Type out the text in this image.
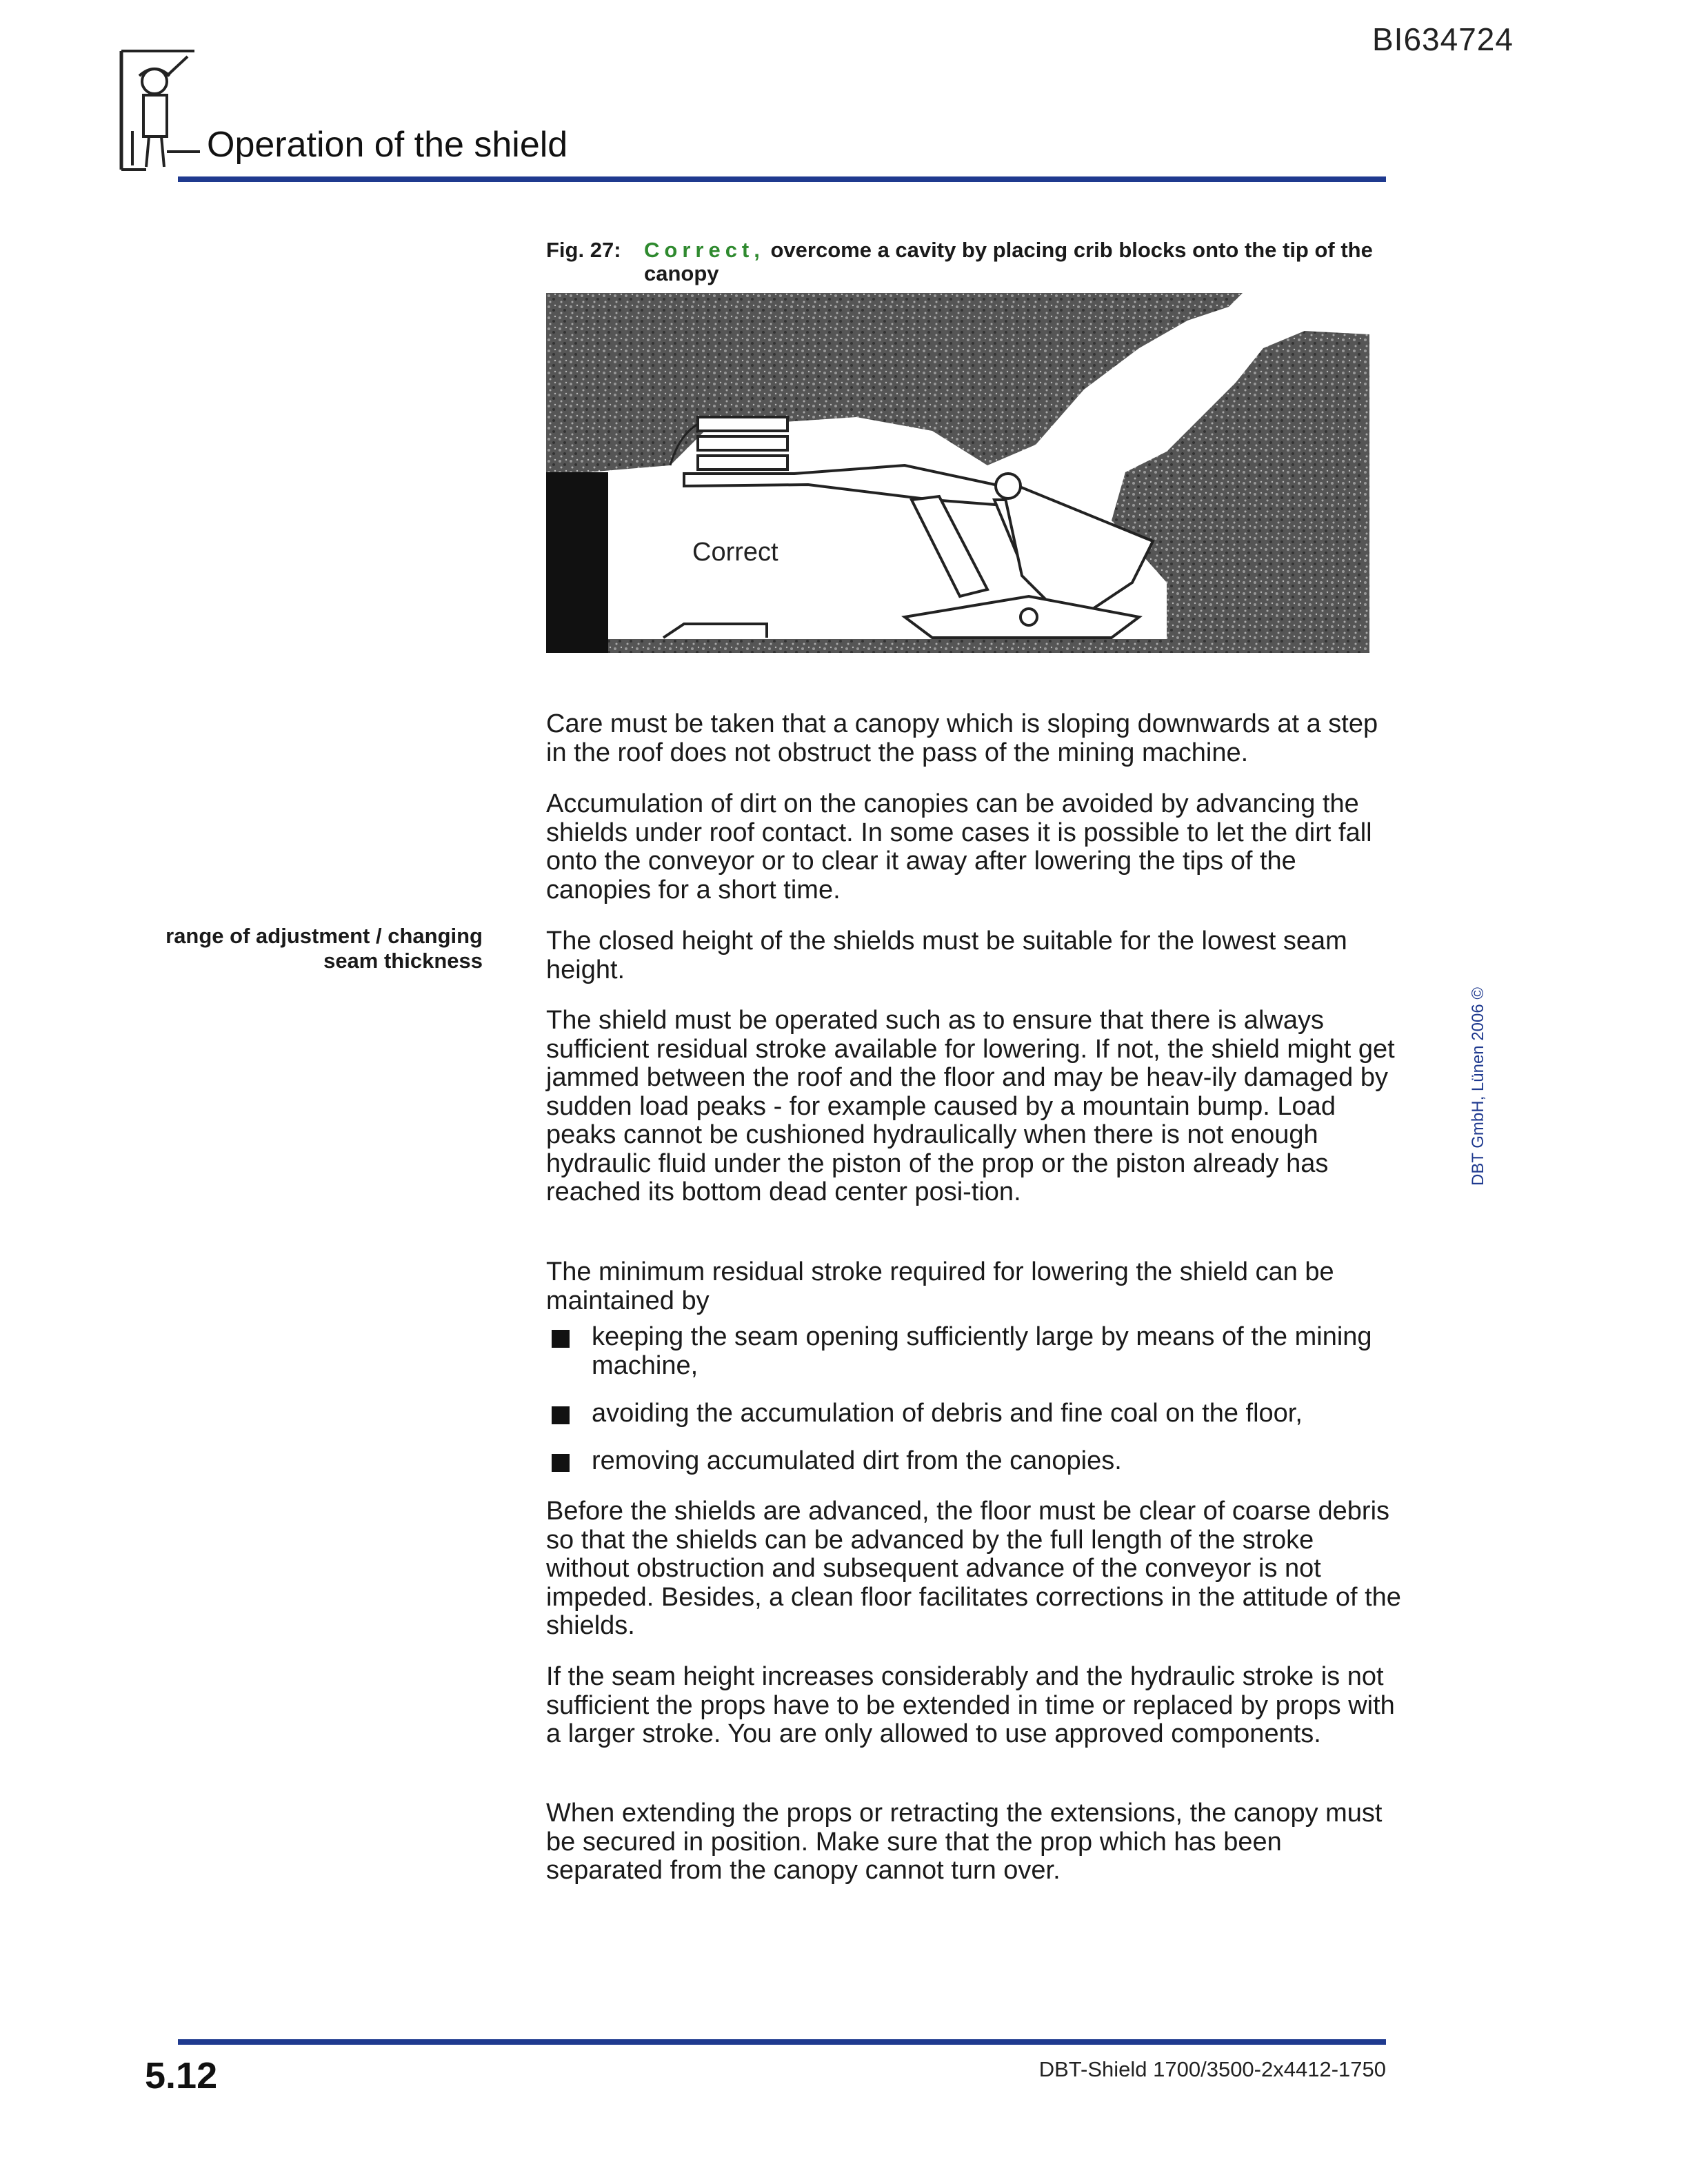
BI634724
Operation of the shield
Fig. 27: Correct, overcome a cavity by placing crib blocks onto the tip of the canopy
Correct

Care must be taken that a canopy which is sloping downwards at a step in the roof does not obstruct the pass of the mining machine.

Accumulation of dirt on the canopies can be avoided by advancing the shields under roof contact. In some cases it is possible to let the dirt fall onto the conveyor or to clear it away after lowering the tips of the canopies for a short time.

range of adjustment / changing seam thickness

The closed height of the shields must be suitable for the lowest seam height.

The shield must be operated such as to ensure that there is always sufficient residual stroke available for lowering. If not, the shield might get jammed between the roof and the floor and may be heav-ily damaged by sudden load peaks - for example caused by a mountain bump. Load peaks cannot be cushioned hydraulically when there is not enough hydraulic fluid under the piston of the prop or the piston already has reached its bottom dead center posi-tion.

The minimum residual stroke required for lowering the shield can be maintained by

keeping the seam opening sufficiently large by means of the mining machine,
avoiding the accumulation of debris and fine coal on the floor,
removing accumulated dirt from the canopies.

Before the shields are advanced, the floor must be clear of coarse debris so that the shields can be advanced by the full length of the stroke without obstruction and subsequent advance of the conveyor is not impeded. Besides, a clean floor facilitates corrections in the attitude of the shields.

If the seam height increases considerably and the hydraulic stroke is not sufficient the props have to be extended in time or replaced by props with a larger stroke. You are only allowed to use approved components.

When extending the props or retracting the extensions, the canopy must be secured in position. Make sure that the prop which has been separated from the canopy cannot turn over.

DBT GmbH, Lünen 2006 ©
5.12	DBT-Shield 1700/3500-2x4412-1750
